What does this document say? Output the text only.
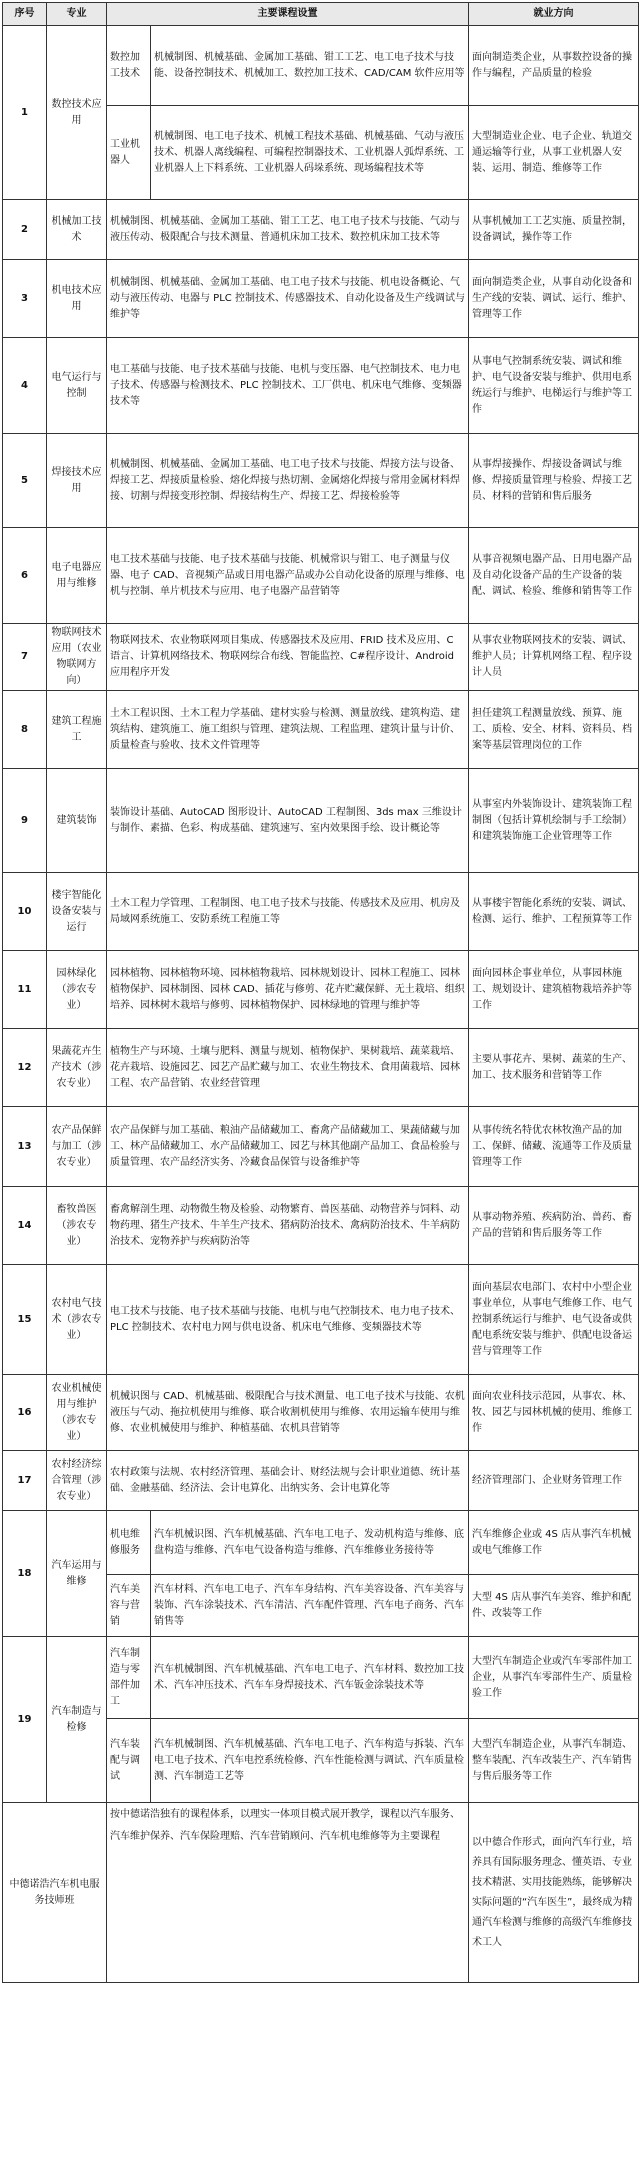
序号	专业	主要课程设置		就业方向
1	数控技术应用	数控加工技术	机械制图、机械基础、金属加工基础、钳工工艺、电工电子技术与技能、设备控制技术、机械加工、数控加工技术、CAD/CAM 软件应用等	面向制造类企业，从事数控设备的操作与编程，产品质量的检验
		工业机器人	机械制图、电工电子技术、机械工程技术基础、机械基础、气动与液压技术、机器人离线编程、可编程控制器技术、工业机器人弧焊系统、工业机器人上下料系统、工业机器人码垛系统、现场编程技术等	大型制造业企业、电子企业、轨道交通运输等行业，从事工业机器人安装、运用、制造、维修等工作
2	机械加工技术	机械制图、机械基础、金属加工基础、钳工工艺、电工电子技术与技能、气动与液压传动、极限配合与技术测量、普通机床加工技术、数控机床加工技术等		从事机械加工工艺实施、质量控制，设备调试，操作等工作
3	机电技术应用	机械制图、机械基础、金属加工基础、电工电子技术与技能、机电设备概论、气动与液压传动、电器与 PLC 控制技术、传感器技术、自动化设备及生产线调试与维护等		面向制造类企业，从事自动化设备和生产线的安装、调试、运行、维护、管理等工作
4	电气运行与控制	电工基础与技能、电子技术基础与技能、电机与变压器、电气控制技术、电力电子技术、传感器与检测技术、PLC 控制技术、工厂供电、机床电气维修、变频器技术等		从事电气控制系统安装、调试和维护、电气设备安装与维护、供用电系统运行与维护、电梯运行与维护等工作
5	焊接技术应用	机械制图、机械基础、金属加工基础、电工电子技术与技能、焊接方法与设备、焊接工艺、焊接质量检验、熔化焊接与热切割、金属熔化焊接与常用金属材料焊接、切割与焊接变形控制、焊接结构生产、焊接工艺、焊接检验等		从事焊接操作、焊接设备调试与维修、焊接质量管理与检验、焊接工艺员、材料的营销和售后服务
6	电子电器应用与维修	电工技术基础与技能、电子技术基础与技能、机械常识与钳工、电子测量与仪器、电子 CAD、音视频产品或日用电器产品或办公自动化设备的原理与维修、电机与控制、单片机技术与应用、电子电器产品营销等		从事音视频电器产品、日用电器产品及自动化设备产品的生产设备的装配、调试、检验、维修和销售等工作
7	物联网技术应用（农业物联网方向）	物联网技术、农业物联网项目集成、传感器技术及应用、FRID 技术及应用、C 语言、计算机网络技术、物联网综合布线、智能监控、C#程序设计、Android 应用程序开发		从事农业物联网技术的安装、调试、维护人员；计算机网络工程、程序设计人员
8	建筑工程施工	土木工程识图、土木工程力学基础、建材实验与检测、测量放线、建筑构造、建筑结构、建筑施工、施工组织与管理、建筑法规、工程监理、建筑计量与计价、质量检查与验收、技术文件管理等		担任建筑工程测量放线、预算、施工、质检、安全、材料、资料员、档案等基层管理岗位的工作
9	建筑装饰	装饰设计基础、AutoCAD 图形设计、AutoCAD 工程制图、3ds max 三维设计与制作、素描、色彩、构成基础、建筑速写、室内效果图手绘、设计概论等		从事室内外装饰设计、建筑装饰工程制图（包括计算机绘制与手工绘制）和建筑装饰施工企业管理等工作
10	楼宇智能化设备安装与运行	土木工程力学管理、工程制图、电工电子技术与技能、传感技术及应用、机房及局域网系统施工、安防系统工程施工等		从事楼宇智能化系统的安装、调试、检测、运行、维护、工程预算等工作
11	园林绿化（涉农专业）	园林植物、园林植物环境、园林植物栽培、园林规划设计、园林工程施工、园林植物保护、园林制图、园林 CAD、插花与修剪、花卉贮藏保鲜、无土栽培、组织培养、园林树木栽培与修剪、园林植物保护、园林绿地的管理与维护等		面向园林企事业单位，从事园林施工、规划设计、建筑植物栽培养护等工作
12	果蔬花卉生产技术（涉农专业）	植物生产与环境、土壤与肥料、测量与规划、植物保护、果树栽培、蔬菜栽培、花卉栽培、设施园艺、园艺产品贮藏与加工、农业生物技术、食用菌栽培、园林工程、农产品营销、农业经营管理		主要从事花卉、果树、蔬菜的生产、加工、技术服务和营销等工作
13	农产品保鲜与加工（涉农专业）	农产品保鲜与加工基础、粮油产品储藏加工、畜禽产品储藏加工、果蔬储藏与加工、林产品储藏加工、水产品储藏加工、园艺与林其他副产品加工、食品检验与质量管理、农产品经济实务、冷藏食品保管与设备维护等		从事传统名特优农林牧渔产品的加工、保鲜、储藏、流通等工作及质量管理等工作
14	畜牧兽医（涉农专业）	畜禽解剖生理、动物微生物及检验、动物繁育、兽医基础、动物营养与饲料、动物药理、猪生产技术、牛羊生产技术、猪病防治技术、禽病防治技术、牛羊病防治技术、宠物养护与疾病防治等		从事动物养殖、疾病防治、兽药、畜产品的营销和售后服务等工作
15	农村电气技术（涉农专业）	电工技术与技能、电子技术基础与技能、电机与电气控制技术、电力电子技术、PLC 控制技术、农村电力网与供电设备、机床电气维修、变频器技术等		面向基层农电部门、农村中小型企业事业单位，从事电气维修工作、电气控制系统运行与维护、电气设备或供配电系统安装与维护、供配电设备运营与管理等工作
16	农业机械使用与维护（涉农专业）	机械识图与 CAD、机械基础、极限配合与技术测量、电工电子技术与技能、农机液压与气动、拖拉机使用与维修、联合收割机使用与维修、农用运输车使用与维修、农业机械使用与维护、种植基础、农机具营销等		面向农业科技示范园，从事农、林、牧、园艺与园林机械的使用、维修工作
17	农村经济综合管理（涉农专业）	农村政策与法规、农村经济管理、基础会计、财经法规与会计职业道德、统计基础、金融基础、经济法、会计电算化、出纳实务、会计电算化等		经济管理部门、企业财务管理工作
18	汽车运用与维修	机电维修服务	汽车机械识图、汽车机械基础、汽车电工电子、发动机构造与维修、底盘构造与维修、汽车电气设备构造与维修、汽车维修业务接待等	汽车维修企业或 4S 店从事汽车机械或电气维修工作
		汽车美容与营销	汽车材料、汽车电工电子、汽车车身结构、汽车美容设备、汽车美容与装饰、汽车涂装技术、汽车清洁、汽车配件管理、汽车电子商务、汽车销售等	大型 4S 店从事汽车美容、维护和配件、改装等工作
19	汽车制造与检修	汽车制造与零部件加工	汽车机械制图、汽车机械基础、汽车电工电子、汽车材料、数控加工技术、汽车冲压技术、汽车车身焊接技术、汽车钣金涂装技术等	大型汽车制造企业或汽车零部件加工企业，从事汽车零部件生产、质量检验工作
		汽车装配与调试	汽车机械制图、汽车机械基础、汽车电工电子、汽车构造与拆装、汽车电工电子技术、汽车电控系统检修、汽车性能检测与调试、汽车质量检测、汽车制造工艺等	大型汽车制造企业，从事汽车制造、整车装配、汽车改装生产、汽车销售与售后服务等工作
中德诺浩汽车机电服务技师班		按中德诺浩独有的课程体系，以理实一体项目模式展开教学，课程以汽车服务、汽车维护保养、汽车保险理赔、汽车营销顾问、汽车机电维修等为主要课程		以中德合作形式，面向汽车行业，培养具有国际服务理念、懂英语、专业技术精湛、实用技能熟练，能够解决实际问题的“汽车医生”，最终成为精通汽车检测与维修的高级汽车维修技术工人
